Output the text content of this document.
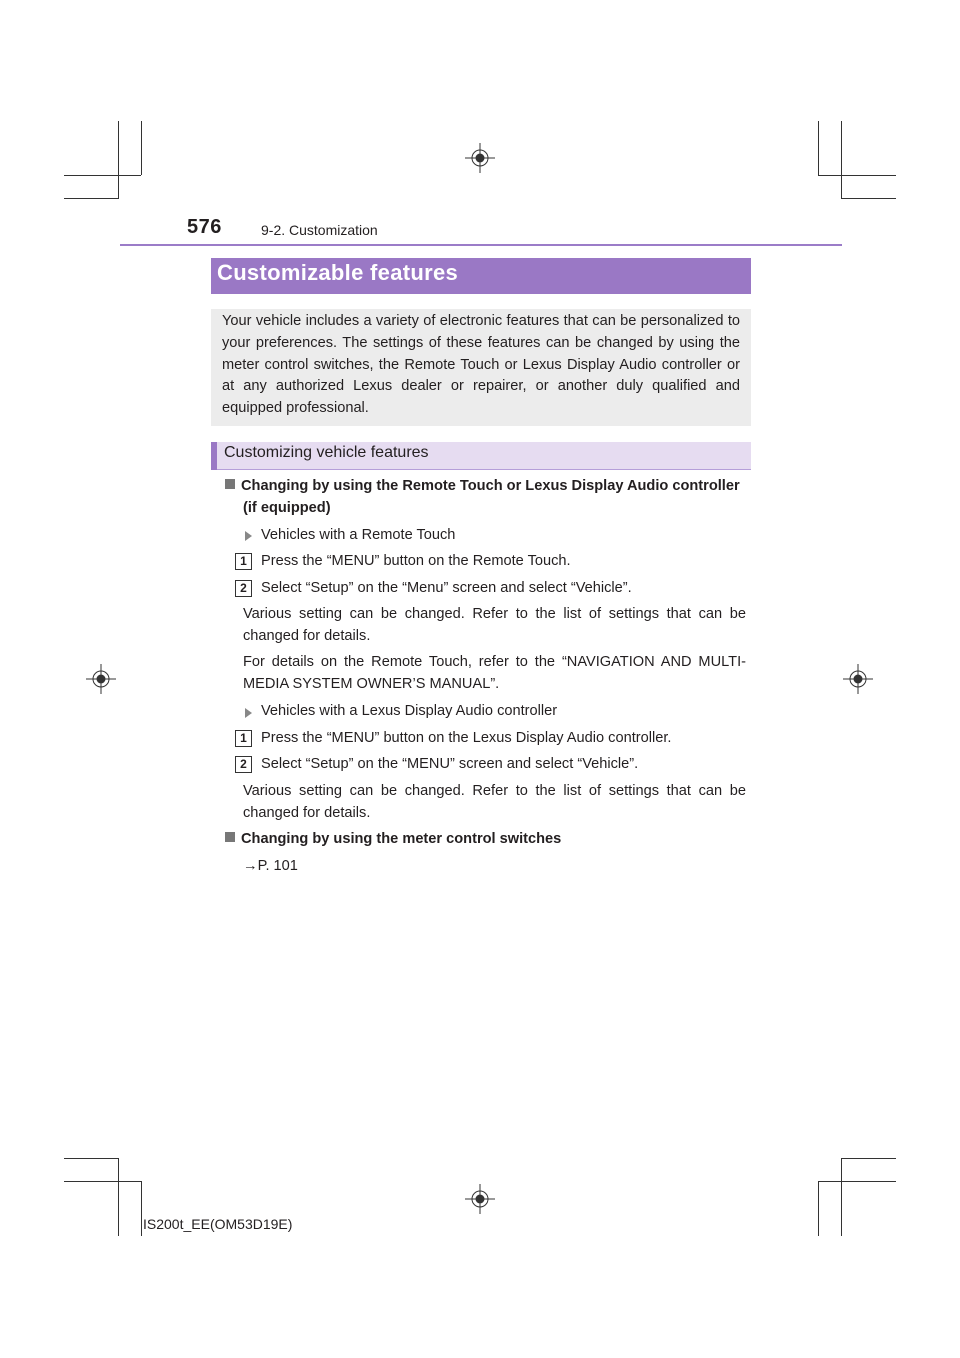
576	9-2. Customization
Customizable features

Your vehicle includes a variety of electronic features that can be personalized to your preferences. The settings of these features can be changed by using the meter control switches, the Remote Touch or Lexus Display Audio controller or at any authorized Lexus dealer or repairer, or another duly qualified and equipped professional.

Customizing vehicle features
Changing by using the Remote Touch or Lexus Display Audio controller
(if equipped)
Vehicles with a Remote Touch
1 Press the “MENU” button on the Remote Touch.
2 Select “Setup” on the “Menu” screen and select “Vehicle”.

Various setting can be changed. Refer to the list of settings that can be changed for details.

For details on the Remote Touch, refer to the “NAVIGATION AND MULTI-MEDIA SYSTEM OWNER’S MANUAL”.

Vehicles with a Lexus Display Audio controller
1 Press the “MENU” button on the Lexus Display Audio controller.
2 Select “Setup” on the “MENU” screen and select “Vehicle”.

Various setting can be changed. Refer to the list of settings that can be changed for details.

Changing by using the meter control switches
→P. 101
IS200t_EE(OM53D19E)
